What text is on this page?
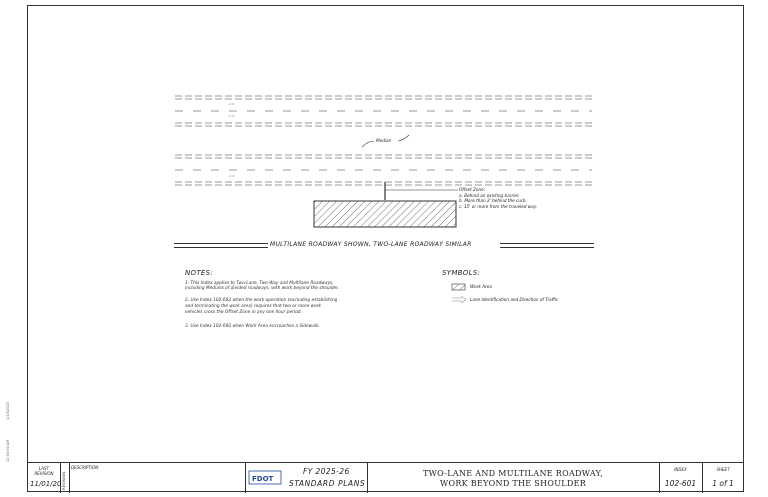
=⇐
=⇐
Median
=⇒
Offset Zone:
a. Behind an existing barrier.
b. More than 2' behind the curb.
c. 15' or more from the traveled way.
MULTILANE ROADWAY SHOWN, TWO-LANE ROADWAY SIMILAR
NOTES:
1. This Index applies to Two-Lane, Two-Way and Multilane Roadways,
including Medians of divided roadways, with work beyond the shoulder.
2. Use Index 102-602 when the work operation (excluding establishing
and terminating the work area) requires that two or more work
vehicles cross the Offset Zone in any one hour period.
3. Use Index 102-660 when Work Area encroaches a Sidewalk.
SYMBOLS:
Work Area
Lane Identification and Direction of Traffic
1/10/2025
12:00:00 AM
LAST REVISION
11/01/20 REVISION
DESCRIPTION:
FDOT
FY 2025-26
STANDARD PLANS
TWO-LANE AND MULTILANE ROADWAY,
WORK BEYOND THE SHOULDER
INDEX
102-601
SHEET
1 of 1
